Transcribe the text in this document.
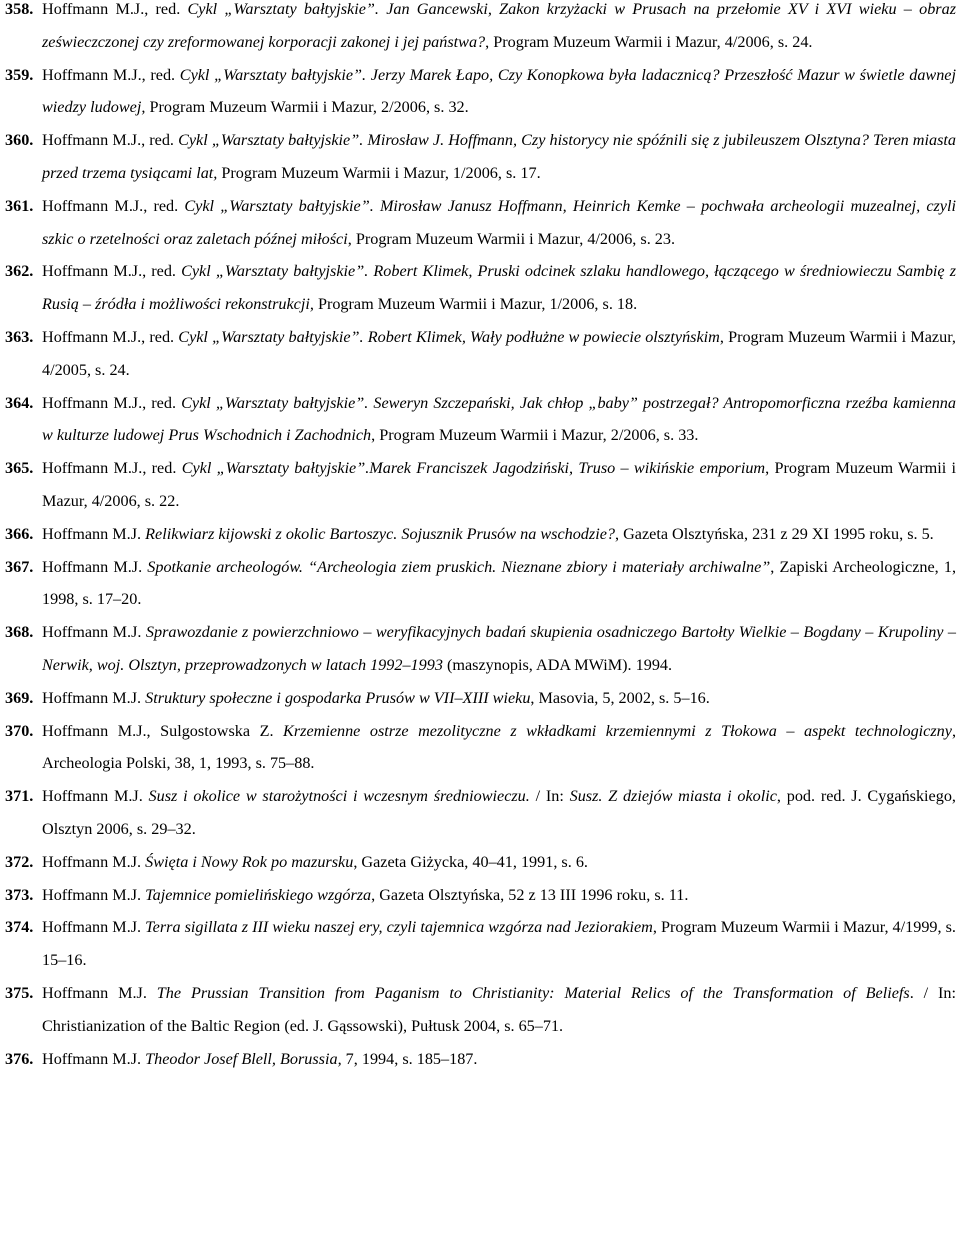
358. Hoffmann M.J., red. Cykl „Warsztaty bałtyjskie”. Jan Gancewski, Zakon krzyżacki w Prusach na przełomie XV i XVI wieku – obraz ześwieczczonej czy zreformowanej korporacji zakonej i jej państwa?, Program Muzeum Warmii i Mazur, 4/2006, s. 24.
359. Hoffmann M.J., red. Cykl „Warsztaty bałtyjskie”. Jerzy Marek Łapo, Czy Konopkowa była ladacznicą? Przeszłość Mazur w świetle dawnej wiedzy ludowej, Program Muzeum Warmii i Mazur, 2/2006, s. 32.
360. Hoffmann M.J., red. Cykl „Warsztaty bałtyjskie”. Mirosław J. Hoffmann, Czy historycy nie spóźnili się z jubileuszem Olsztyna? Teren miasta przed trzema tysiącami lat, Program Muzeum Warmii i Mazur, 1/2006, s. 17.
361. Hoffmann M.J., red. Cykl „Warsztaty bałtyjskie”. Mirosław Janusz Hoffmann, Heinrich Kemke – pochwała archeologii muzealnej, czyli szkic o rzetelności oraz zaletach późnej miłości, Program Muzeum Warmii i Mazur, 4/2006, s. 23.
362. Hoffmann M.J., red. Cykl „Warsztaty bałtyjskie”. Robert Klimek, Pruski odcinek szlaku handlowego, łączącego w średniowieczu Sambię z Rusią – źródła i możliwości rekonstrukcji, Program Muzeum Warmii i Mazur, 1/2006, s. 18.
363. Hoffmann M.J., red. Cykl „Warsztaty bałtyjskie”. Robert Klimek, Wały podłużne w powiecie olsztyńskim, Program Muzeum Warmii i Mazur, 4/2005, s. 24.
364. Hoffmann M.J., red. Cykl „Warsztaty bałtyjskie”. Seweryn Szczepański, Jak chłop „baby” postrzegał? Antropomorficzna rzeźba kamienna w kulturze ludowej Prus Wschodnich i Zachodnich, Program Muzeum Warmii i Mazur, 2/2006, s. 33.
365. Hoffmann M.J., red. Cykl „Warsztaty bałtyjskie”.Marek Franciszek Jagodziński, Truso – wikińskie emporium, Program Muzeum Warmii i Mazur, 4/2006, s. 22.
366. Hoffmann M.J. Relikwiarz kijowski z okolic Bartoszyc. Sojusznik Prusów na wschodzie?, Gazeta Olsztyńska, 231 z 29 XI 1995 roku, s. 5.
367. Hoffmann M.J. Spotkanie archeologów. “Archeologia ziem pruskich. Nieznane zbiory i materiały archiwalne”, Zapiski Archeologiczne, 1, 1998, s. 17–20.
368. Hoffmann M.J. Sprawozdanie z powierzchniowo – weryfikacyjnych badań skupienia osadniczego Bartołty Wielkie – Bogdany – Krupoliny – Nerwik, woj. Olsztyn, przeprowadzonych w latach 1992–1993 (maszynopis, ADA MWiM). 1994.
369. Hoffmann M.J. Struktury społeczne i gospodarka Prusów w VII–XIII wieku, Masovia, 5, 2002, s. 5–16.
370. Hoffmann M.J., Sulgostowska Z. Krzemienne ostrze mezolityczne z wkładkami krzemiennymi z Tłokowa – aspekt technologiczny, Archeologia Polski, 38, 1, 1993, s. 75–88.
371. Hoffmann M.J. Susz i okolice w starożytności i wczesnym średniowieczu. / In: Susz. Z dziejów miasta i okolic, pod. red. J. Cygańskiego, Olsztyn 2006, s. 29–32.
372. Hoffmann M.J. Święta i Nowy Rok po mazursku, Gazeta Giżycka, 40–41, 1991, s. 6.
373. Hoffmann M.J. Tajemnice pomielińskiego wzgórza, Gazeta Olsztyńska, 52 z 13 III 1996 roku, s. 11.
374. Hoffmann M.J. Terra sigillata z III wieku naszej ery, czyli tajemnica wzgórza nad Jeziorakiem, Program Muzeum Warmii i Mazur, 4/1999, s. 15–16.
375. Hoffmann M.J. The Prussian Transition from Paganism to Christianity: Material Relics of the Transformation of Beliefs. / In: Christianization of the Baltic Region (ed. J. Gąssowski), Pułtusk 2004, s. 65–71.
376. Hoffmann M.J. Theodor Josef Blell, Borussia, 7, 1994, s. 185–187.
